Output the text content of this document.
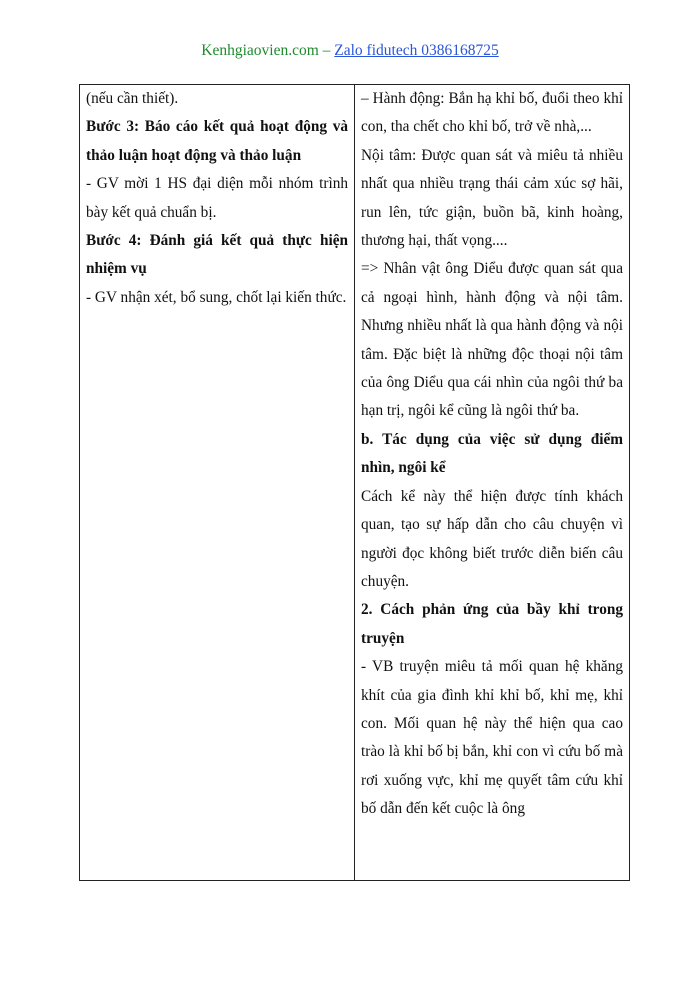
Kenhgiaovien.com – Zalo fidutech 0386168725

(nếu cần thiết).

Bước 3: Báo cáo kết quả hoạt động và thảo luận hoạt động và thảo luận

- GV mời 1 HS đại diện mỗi nhóm trình bày kết quả chuẩn bị.

Bước 4: Đánh giá kết quả thực hiện nhiệm vụ

- GV nhận xét, bổ sung, chốt lại kiến thức.

– Hành động: Bắn hạ khỉ bố, đuổi theo khỉ con, tha chết cho khỉ bố, trở về nhà,...

Nội tâm: Được quan sát và miêu tả nhiều nhất qua nhiều trạng thái cảm xúc sợ hãi, run lên, tức giận, buồn bã, kinh hoàng, thương hại, thất vọng....

=> Nhân vật ông Diểu được quan sát qua cả ngoại hình, hành động và nội tâm. Nhưng nhiều nhất là qua hành động và nội tâm. Đặc biệt là những độc thoại nội tâm của ông Diểu qua cái nhìn của ngôi thứ ba hạn trị, ngôi kể cũng là ngôi thứ ba.

b. Tác dụng của việc sử dụng điểm nhìn, ngôi kể

Cách kể này thể hiện được tính khách quan, tạo sự hấp dẫn cho câu chuyện vì người đọc không biết trước diễn biến câu chuyện.

2. Cách phản ứng của bầy khỉ trong truyện

- VB truyện miêu tả mối quan hệ khăng khít của gia đình khỉ khỉ bố, khỉ mẹ, khỉ con. Mối quan hệ này thể hiện qua cao trào là khỉ bố bị bắn, khỉ con vì cứu bố mà rơi xuống vực, khỉ mẹ quyết tâm cứu khỉ bố dẫn đến kết cuộc là ông
